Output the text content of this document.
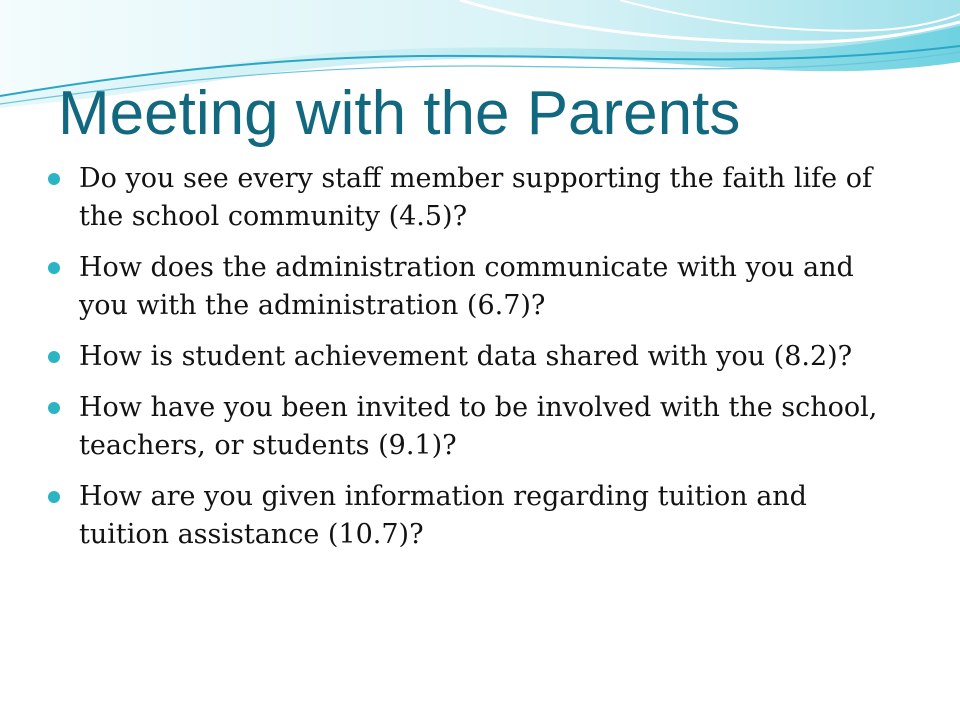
Meeting with the Parents
Do you see every staff member supporting the faith life of the school community (4.5)?
How does the administration communicate with you and you with the administration (6.7)?
How is student achievement data shared with you (8.2)?
How have you been invited to be involved with the school, teachers, or students (9.1)?
How are you given information regarding tuition and tuition assistance (10.7)?
